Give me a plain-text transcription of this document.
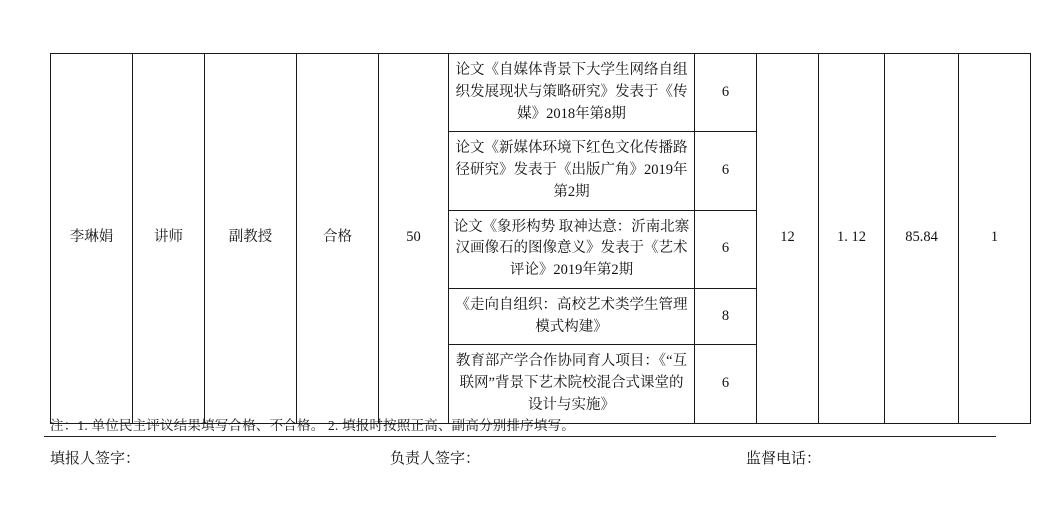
李琳娟	讲师	副教授	合格	50	论文《自媒体背景下大学生网络自组织发展现状与策略研究》发表于《传媒》2018年第8期	6	12	1. 12	85.84	1
					论文《新媒体环境下红色文化传播路径研究》发表于《出版广角》2019年第2期	6				
					论文《象形构势 取神达意：沂南北寨汉画像石的图像意义》发表于《艺术评论》2019年第2期	6				
					《走向自组织：高校艺术类学生管理模式构建》	8				
					教育部产学合作协同育人项目：《“互联网”背景下艺术院校混合式课堂的设计与实施》	6				
注：1. 单位民主评议结果填写合格、不合格。 2. 填报时按照正高、副高分别排序填写。
填报人签字：	负责人签字：	监督电话：
